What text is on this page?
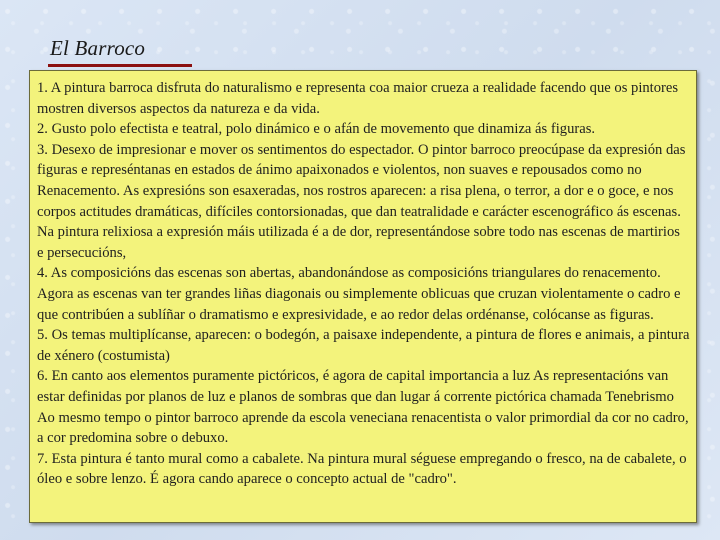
El Barroco

1. A pintura barroca disfruta do naturalismo e representa coa maior crueza a realidade facendo que os pintores mostren diversos aspectos da natureza e da vida.

2. Gusto polo efectista e teatral, polo dinámico e o afán de movemento que dinamiza ás figuras.

3. Desexo de impresionar e mover os sentimentos do espectador. O pintor barroco preocúpase da expresión das figuras e represéntanas en estados de ánimo apaixonados e violentos, non suaves e repousados como no Renacemento. As expresións son esaxeradas, nos rostros aparecen: a risa plena, o terror, a dor e o goce, e nos corpos actitudes dramáticas, difíciles contorsionadas, que dan teatralidade e carácter escenográfico ás escenas. Na pintura relixiosa a expresión máis utilizada é a de dor, representándose sobre todo nas escenas de martirios e persecucións,

4. As composicións das escenas son abertas, abandonándose as composicións triangulares do renacemento. Agora as escenas van ter grandes liñas diagonais ou simplemente oblicuas que cruzan violentamente o cadro e que contribúen a sublíñar o dramatismo e expresividade, e ao redor delas ordénanse, colócanse as figuras.

5. Os temas multiplícanse, aparecen: o bodegón, a paisaxe independente, a pintura de flores e animais, a pintura de xénero (costumista)

6. En canto aos elementos puramente pictóricos, é agora de capital importancia a luz As representacións van estar definidas por planos de luz e planos de sombras que dan lugar á corrente pictórica chamada Tenebrismo Ao mesmo tempo o pintor barroco aprende da escola veneciana renacentista o valor primordial da cor no cadro, a cor predomina sobre o debuxo.

7. Esta pintura é tanto mural como a cabalete. Na pintura mural séguese empregando o fresco, na de cabalete, o óleo e sobre lenzo. É agora cando aparece o concepto actual de "cadro".
